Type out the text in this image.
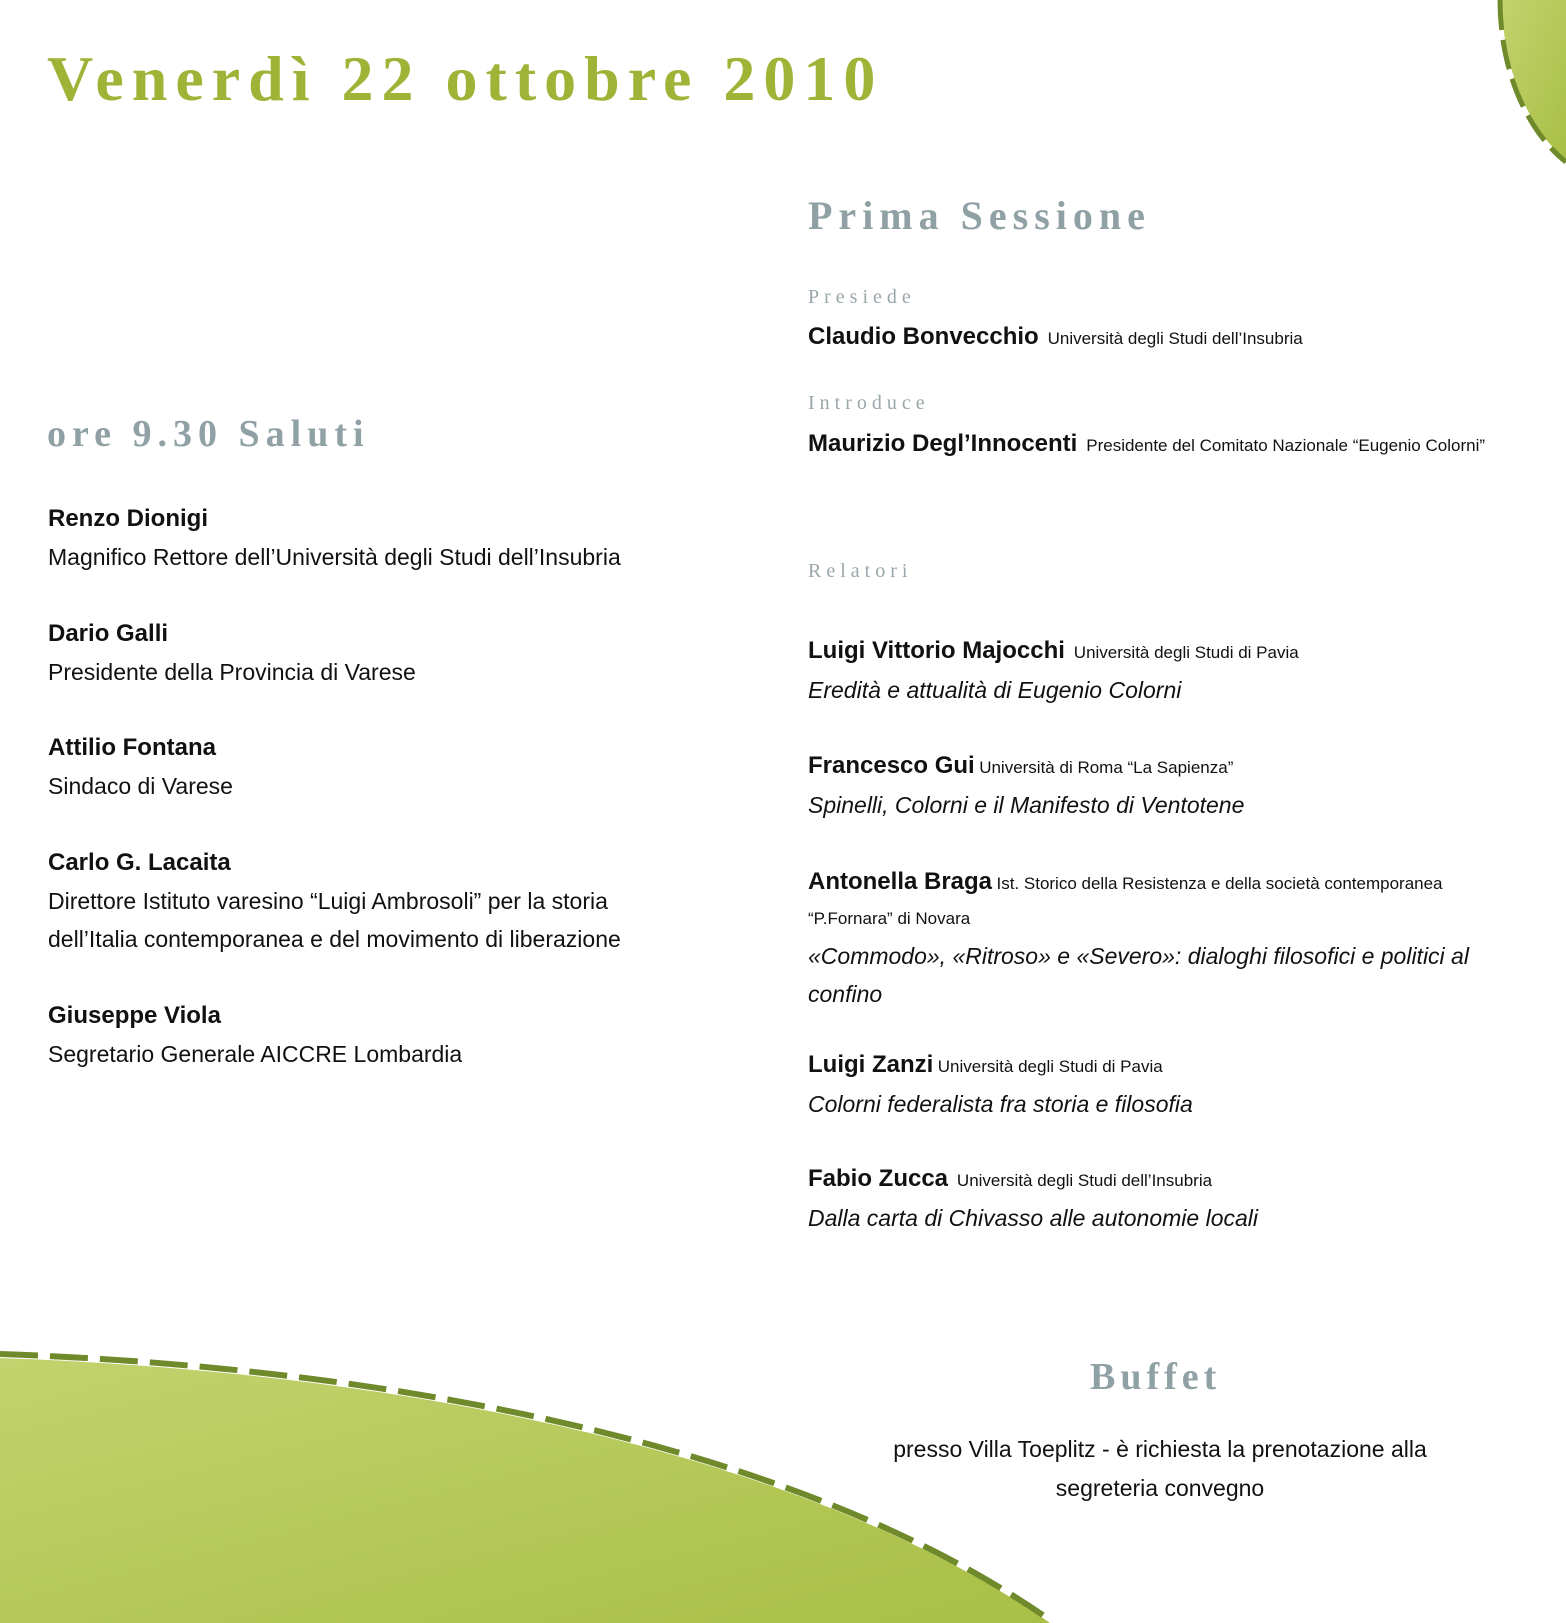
Venerdì 22 ottobre 2010
ore 9.30 Saluti
Renzo Dionigi
Magnifico Rettore dell’Università degli Studi dell’Insubria
Dario Galli
Presidente della Provincia di Varese
Attilio Fontana
Sindaco di Varese
Carlo G. Lacaita
Direttore Istituto varesino “Luigi Ambrosoli” per la storia dell’Italia contemporanea e del movimento di liberazione
Giuseppe Viola
Segretario Generale AICCRE Lombardia
Prima Sessione
Presiede
Claudio Bonvecchio Università degli Studi dell’Insubria
Introduce
Maurizio Degl’Innocenti Presidente del Comitato Nazionale “Eugenio Colorni”
Relatori
Luigi Vittorio Majocchi Università degli Studi di Pavia
Eredità e attualità di Eugenio Colorni
Francesco Gui Università di Roma “La Sapienza”
Spinelli, Colorni e il Manifesto di Ventotene
Antonella Braga Ist. Storico della Resistenza e della società contemporanea “P.Fornara” di Novara
«Commodo», «Ritroso» e «Severo»: dialoghi filosofici e politici al confino
Luigi Zanzi Università degli Studi di Pavia
Colorni federalista fra storia e filosofia
Fabio Zucca Università degli Studi dell’Insubria
Dalla carta di Chivasso alle autonomie locali
Buffet
presso Villa Toeplitz - è richiesta la prenotazione alla segreteria convegno
